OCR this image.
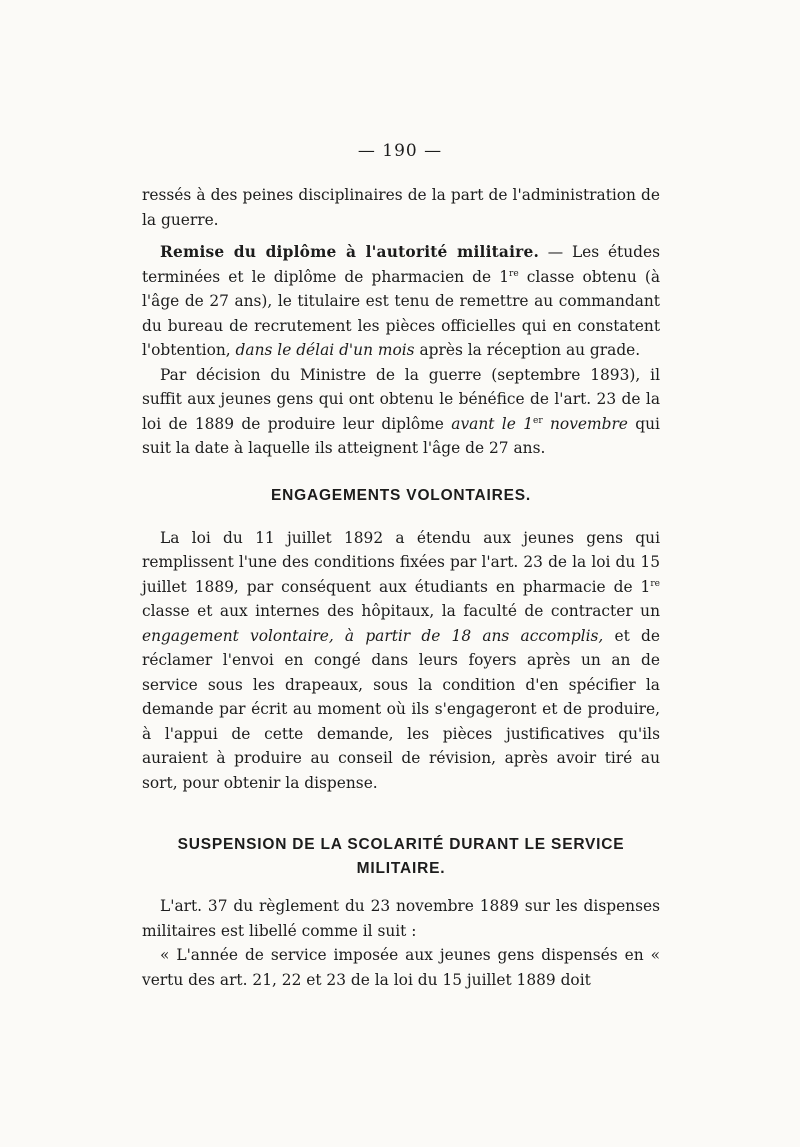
— 190 —

ressés à des peines disciplinaires de la part de l'administration de la guerre.

Remise du diplôme à l'autorité militaire. — Les études terminées et le diplôme de pharmacien de 1re classe obtenu (à l'âge de 27 ans), le titulaire est tenu de remettre au commandant du bureau de recrutement les pièces officielles qui en constatent l'obtention, dans le délai d'un mois après la réception au grade.

Par décision du Ministre de la guerre (septembre 1893), il suffit aux jeunes gens qui ont obtenu le bénéfice de l'art. 23 de la loi de 1889 de produire leur diplôme avant le 1er novembre qui suit la date à laquelle ils atteignent l'âge de 27 ans.

ENGAGEMENTS VOLONTAIRES.

La loi du 11 juillet 1892 a étendu aux jeunes gens qui remplissent l'une des conditions fixées par l'art. 23 de la loi du 15 juillet 1889, par conséquent aux étudiants en pharmacie de 1re classe et aux internes des hôpitaux, la faculté de contracter un engagement volontaire, à partir de 18 ans accomplis, et de réclamer l'envoi en congé dans leurs foyers après un an de service sous les drapeaux, sous la condition d'en spécifier la demande par écrit au moment où ils s'engageront et de produire, à l'appui de cette demande, les pièces justificatives qu'ils auraient à produire au conseil de révision, après avoir tiré au sort, pour obtenir la dispense.

SUSPENSION DE LA SCOLARITÉ DURANT LE SERVICE MILITAIRE.

L'art. 37 du règlement du 23 novembre 1889 sur les dispenses militaires est libellé comme il suit :

« L'année de service imposée aux jeunes gens dispensés en « vertu des art. 21, 22 et 23 de la loi du 15 juillet 1889 doit
